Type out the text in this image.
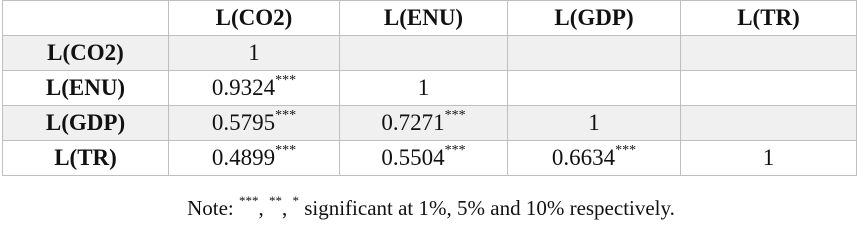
	L(CO2)	L(ENU)	L(GDP)	L(TR)
L(CO2)	1			
L(ENU)	0.9324***	1		
L(GDP)	0.5795***	0.7271***	1	
L(TR)	0.4899***	0.5504***	0.6634***	1
Note: ***, **, * significant at 1%, 5% and 10% respectively.
